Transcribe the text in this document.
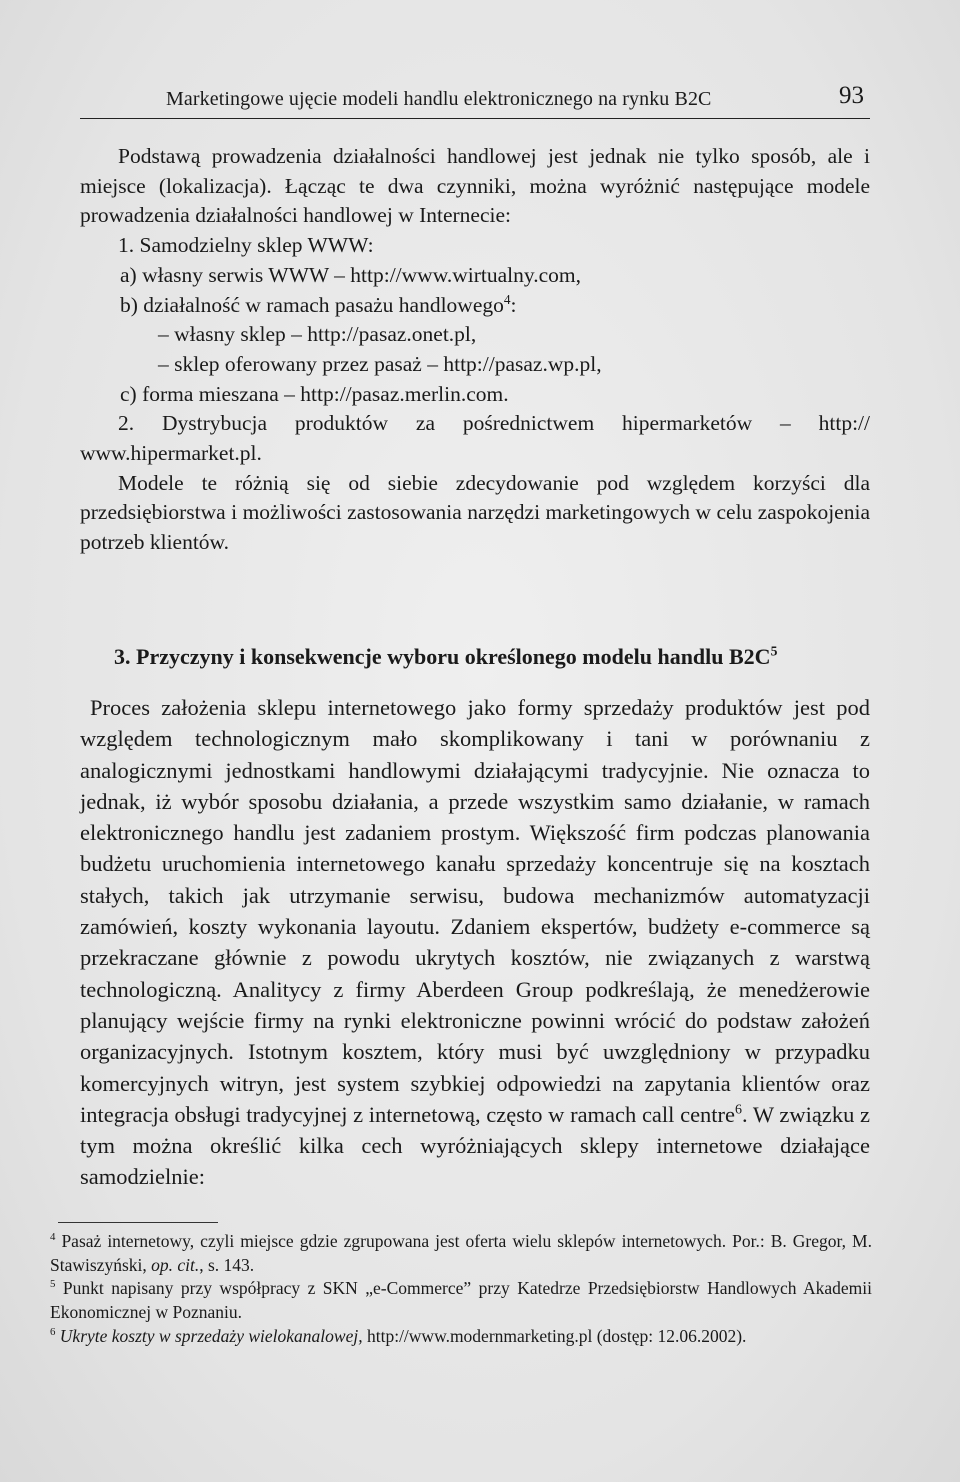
Marketingowe ujęcie modeli handlu elektronicznego na rynku B2C	93
Podstawą prowadzenia działalności handlowej jest jednak nie tylko sposób, ale i miejsce (lokalizacja). Łącząc te dwa czynniki, można wyróżnić następujące modele prowadzenia działalności handlowej w Internecie:
1. Samodzielny sklep WWW:
a) własny serwis WWW – http://www.wirtualny.com,
b) działalność w ramach pasażu handlowego$^4$:
– własny sklep – http://pasaz.onet.pl,
– sklep oferowany przez pasaż – http://pasaz.wp.pl,
c) forma mieszana – http://pasaz.merlin.com.
2. Dystrybucja produktów za pośrednictwem hipermarketów – http:// www.hipermarket.pl.
Modele te różnią się od siebie zdecydowanie pod względem korzyści dla przedsiębiorstwa i możliwości zastosowania narzędzi marketingowych w celu zaspokojenia potrzeb klientów.
3. Przyczyny i konsekwencje wyboru określonego modelu handlu $B2C^5$
Proces założenia sklepu internetowego jako formy sprzedaży produktów jest pod względem technologicznym mało skomplikowany i tani w porównaniu z analogicznymi jednostkami handlowymi działającymi tradycyjnie. Nie oznacza to jednak, iż wybór sposobu działania, a przede wszystkim samo działanie, w ramach elektronicznego handlu jest zadaniem prostym. Większość firm podczas planowania budżetu uruchomienia internetowego kanału sprzedaży koncentruje się na kosztach stałych, takich jak utrzymanie serwisu, budowa mechanizmów automatyzacji zamówień, koszty wykonania layoutu. Zdaniem ekspertów, budżety e-commerce są przekraczane głównie z powodu ukrytych kosztów, nie związanych z warstwą technologiczną. Analitycy z firmy Aberdeen Group podkreślają, że menedżerowie planujący wejście firmy na rynki elektroniczne powinni wrócić do podstaw założeń organizacyjnych. Istotnym kosztem, który musi być uwzględniony w przypadku komercyjnych witryn, jest system szybkiej odpowiedzi na zapytania klientów oraz integracja obsługi tradycyjnej z internetową, często w ramach call centre$^6$. W związku z tym można określić kilka cech wyróżniających sklepy internetowe działające samodzielnie:
$^4$ Pasaż internetowy, czyli miejsce gdzie zgrupowana jest oferta wielu sklepów internetowych. Por.: B. Gregor, M. Stawiszyński, op. cit., s. 143.
$^5$ Punkt napisany przy współpracy z SKN „e-Commerce” przy Katedrze Przedsiębiorstw Handlowych Akademii Ekonomicznej w Poznaniu.
$^6$ Ukryte koszty w sprzedaży wielokanalowej, http://www.modernmarketing.pl (dostęp: 12.06.2002).
